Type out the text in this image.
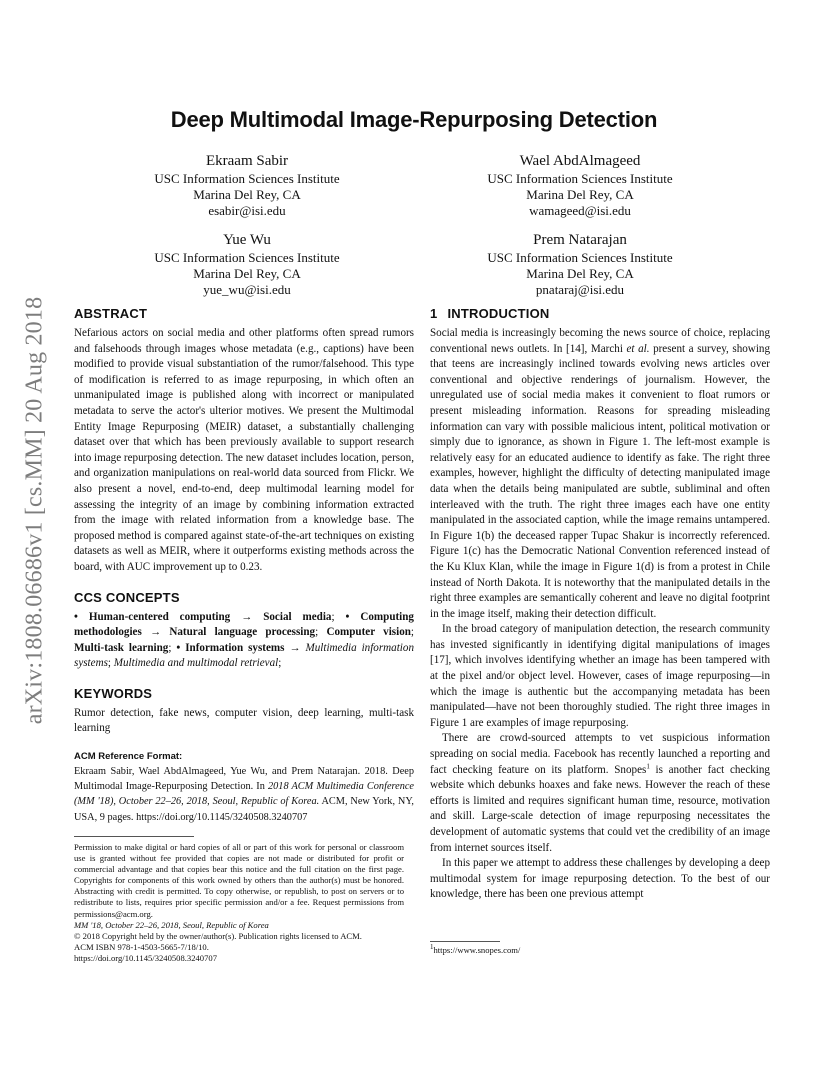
arXiv:1808.06686v1 [cs.MM] 20 Aug 2018
Deep Multimodal Image-Repurposing Detection
Ekraam Sabir
USC Information Sciences Institute
Marina Del Rey, CA
esabir@isi.edu
Wael AbdAlmageed
USC Information Sciences Institute
Marina Del Rey, CA
wamageed@isi.edu
Yue Wu
USC Information Sciences Institute
Marina Del Rey, CA
yue_wu@isi.edu
Prem Natarajan
USC Information Sciences Institute
Marina Del Rey, CA
pnataraj@isi.edu
ABSTRACT

Nefarious actors on social media and other platforms often spread rumors and falsehoods through images whose metadata (e.g., captions) have been modified to provide visual substantiation of the rumor/falsehood. This type of modification is referred to as image repurposing, in which often an unmanipulated image is published along with incorrect or manipulated metadata to serve the actor's ulterior motives. We present the Multimodal Entity Image Repurposing (MEIR) dataset, a substantially challenging dataset over that which has been previously available to support research into image repurposing detection. The new dataset includes location, person, and organization manipulations on real-world data sourced from Flickr. We also present a novel, end-to-end, deep multimodal learning model for assessing the integrity of an image by combining information extracted from the image with related information from a knowledge base. The proposed method is compared against state-of-the-art techniques on existing datasets as well as MEIR, where it outperforms existing methods across the board, with AUC improvement up to 0.23.

CCS CONCEPTS
• Human-centered computing → Social media; • Computing methodologies → Natural language processing; Computer vision; Multi-task learning; • Information systems → Multimedia information systems; Multimedia and multimodal retrieval;
KEYWORDS

Rumor detection, fake news, computer vision, deep learning, multi-task learning

ACM Reference Format:
Ekraam Sabir, Wael AbdAlmageed, Yue Wu, and Prem Natarajan. 2018. Deep Multimodal Image-Repurposing Detection. In 2018 ACM Multimedia Conference (MM '18), October 22–26, 2018, Seoul, Republic of Korea. ACM, New York, NY, USA, 9 pages. https://doi.org/10.1145/3240508.3240707
Permission to make digital or hard copies of all or part of this work for personal or classroom use is granted without fee provided that copies are not made or distributed for profit or commercial advantage and that copies bear this notice and the full citation on the first page. Copyrights for components of this work owned by others than the author(s) must be honored. Abstracting with credit is permitted. To copy otherwise, or republish, to post on servers or to redistribute to lists, requires prior specific permission and/or a fee. Request permissions from permissions@acm.org.
MM '18, October 22–26, 2018, Seoul, Republic of Korea
© 2018 Copyright held by the owner/author(s). Publication rights licensed to ACM.
ACM ISBN 978-1-4503-5665-7/18/10.
https://doi.org/10.1145/3240508.3240707
1 INTRODUCTION

Social media is increasingly becoming the news source of choice, replacing conventional news outlets. In [14], Marchi et al. present a survey, showing that teens are increasingly inclined towards evolving news articles over conventional and objective renderings of journalism. However, the unregulated use of social media makes it convenient to float rumors or present misleading information. Reasons for spreading misleading information can vary with possible malicious intent, political motivation or simply due to ignorance, as shown in Figure 1. The left-most example is relatively easy for an educated audience to identify as fake. The right three examples, however, highlight the difficulty of detecting manipulated image data when the details being manipulated are subtle, subliminal and often interleaved with the truth. The right three images each have one entity manipulated in the associated caption, while the image remains untampered. In Figure 1(b) the deceased rapper Tupac Shakur is incorrectly referenced. Figure 1(c) has the Democratic National Convention referenced instead of the Ku Klux Klan, while the image in Figure 1(d) is from a protest in Chile instead of North Dakota. It is noteworthy that the manipulated details in the right three examples are semantically coherent and leave no digital footprint in the image itself, making their detection difficult.

In the broad category of manipulation detection, the research community has invested significantly in identifying digital manipulations of images [17], which involves identifying whether an image has been tampered with at the pixel and/or object level. However, cases of image repurposing—in which the image is authentic but the accompanying metadata has been manipulated—have not been thoroughly studied. The right three images in Figure 1 are examples of image repurposing.

There are crowd-sourced attempts to vet suspicious information spreading on social media. Facebook has recently launched a reporting and fact checking feature on its platform. Snopes$^1$ is another fact checking website which debunks hoaxes and fake news. However the reach of these efforts is limited and requires significant human time, resource, motivation and skill. Large-scale detection of image repurposing necessitates the development of automatic systems that could vet the credibility of an image from internet sources itself.

In this paper we attempt to address these challenges by developing a deep multimodal system for image repurposing detection. To the best of our knowledge, there has been one previous attempt

$^1$https://www.snopes.com/
